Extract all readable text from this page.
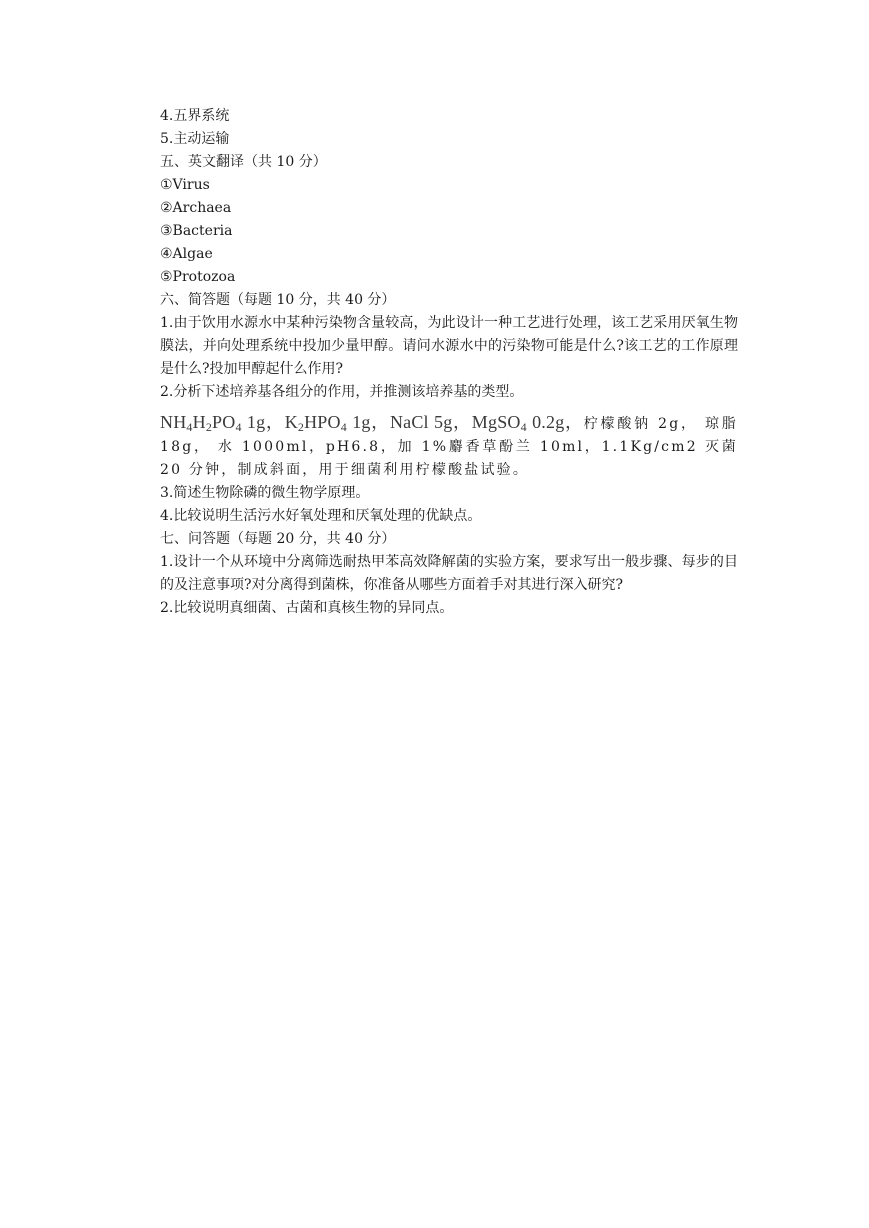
4.五界系统
5.主动运输
五、英文翻译（共 10 分）
①Virus
②Archaea
③Bacteria
④Algae
⑤Protozoa
六、简答题（每题 10 分，共 40 分）
1.由于饮用水源水中某种污染物含量较高，为此设计一种工艺进行处理，该工艺采用厌氧生物膜法，并向处理系统中投加少量甲醇。请问水源水中的污染物可能是什么?该工艺的工作原理是什么?投加甲醇起什么作用?
2.分析下述培养基各组分的作用，并推测该培养基的类型。
$NH_4H_2PO_4$ 1g，$K_2HPO_4$ 1g，NaCl 5g，MgSO$_4$ 0.2g，柠檬酸钠 2g， 琼脂 18g， 水 1000ml，pH6.8，加 1%麝香草酚兰 10ml，1.1Kg/cm2 灭菌 20 分钟，制成斜面，用于细菌利用柠檬酸盐试验。
3.简述生物除磷的微生物学原理。
4.比较说明生活污水好氧处理和厌氧处理的优缺点。
七、问答题（每题 20 分，共 40 分）
1.设计一个从环境中分离筛选耐热甲苯高效降解菌的实验方案，要求写出一般步骤、每步的目的及注意事项?对分离得到菌株，你准备从哪些方面着手对其进行深入研究?
2.比较说明真细菌、古菌和真核生物的异同点。
